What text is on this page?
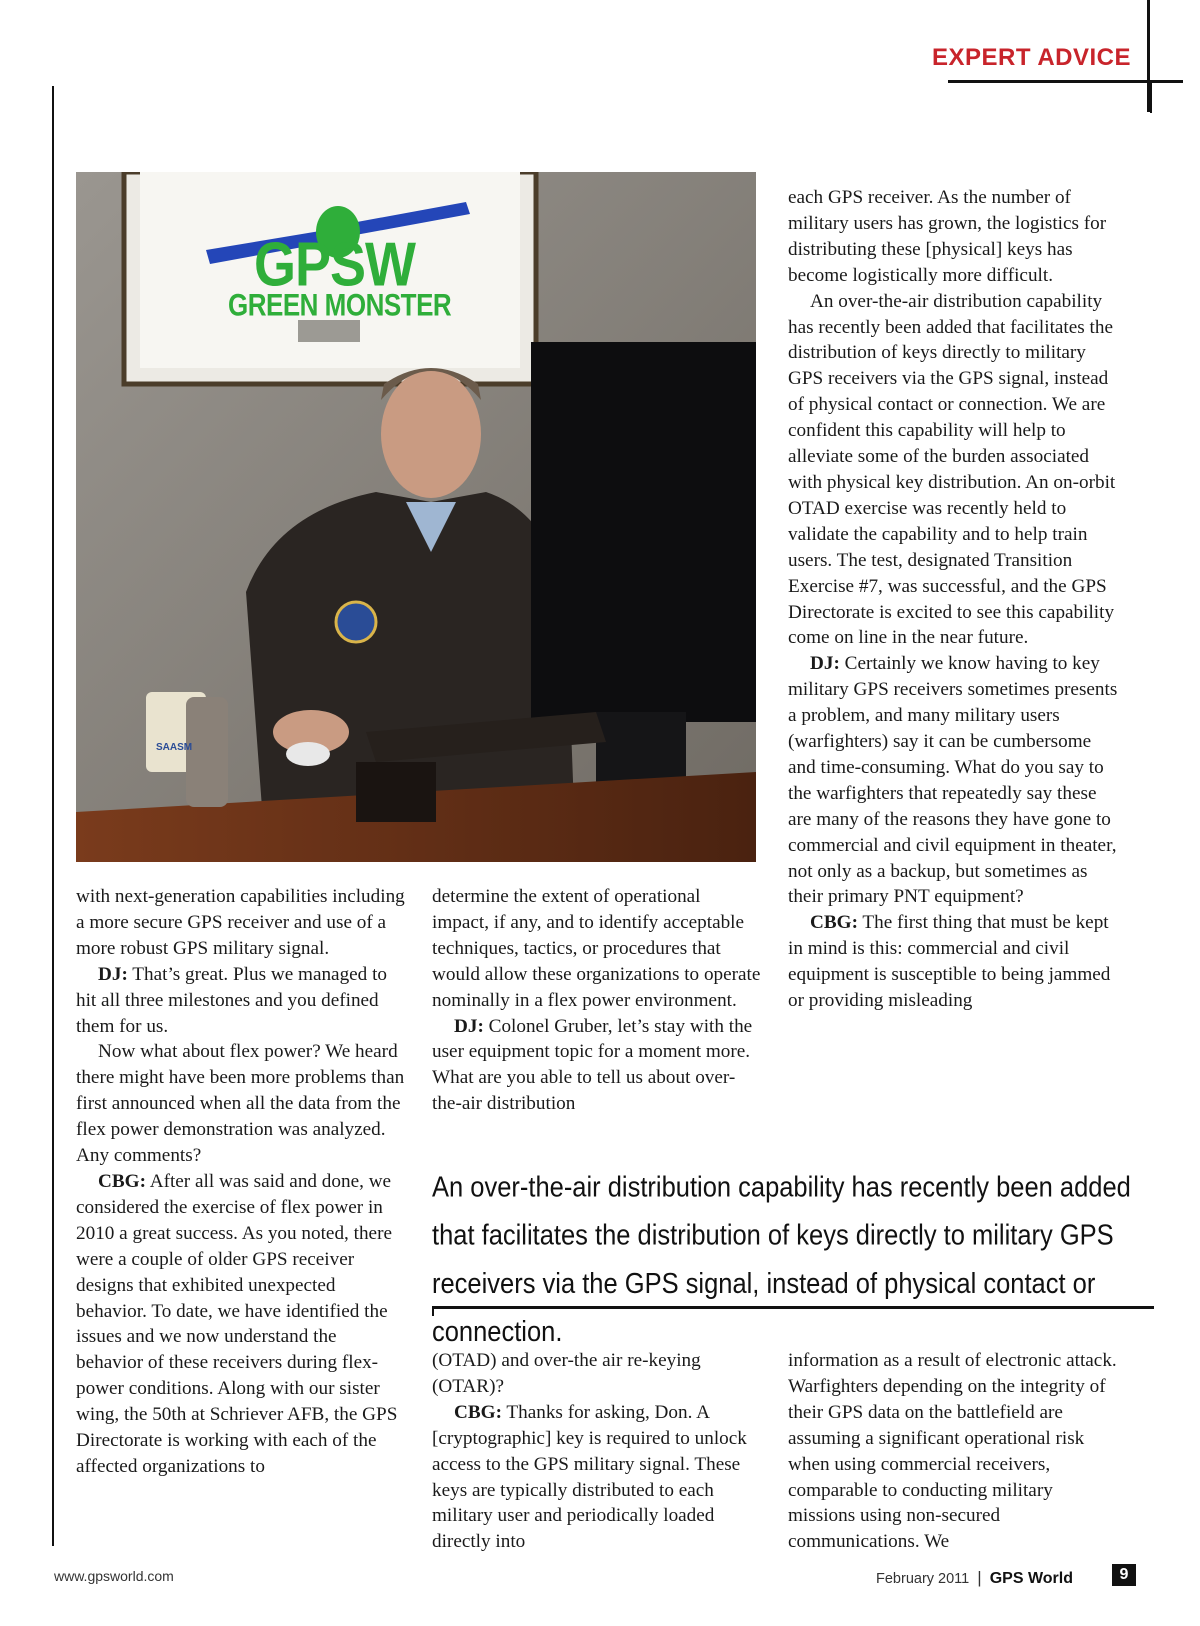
EXPERT ADVICE
GPSW
GREEN MONSTER
SAASM

with next-generation capabilities including a more secure GPS receiver and use of a more robust GPS military signal.

DJ: That’s great. Plus we managed to hit all three milestones and you defined them for us.

Now what about flex power? We heard there might have been more problems than first announced when all the data from the flex power demonstration was analyzed. Any comments?

CBG: After all was said and done, we considered the exercise of flex power in 2010 a great success. As you noted, there were a couple of older GPS receiver designs that exhibited unexpected behavior. To date, we have identified the issues and we now understand the behavior of these receivers during flex-power conditions. Along with our sister wing, the 50th at Schriever AFB, the GPS Directorate is working with each of the affected organizations to

determine the extent of operational impact, if any, and to identify acceptable techniques, tactics, or procedures that would allow these organizations to operate nominally in a flex power environment.

DJ: Colonel Gruber, let’s stay with the user equipment topic for a moment more. What are you able to tell us about over-the-air distribution

(OTAD) and over-the air re-keying (OTAR)?

CBG: Thanks for asking, Don. A [cryptographic] key is required to unlock access to the GPS military signal. These keys are typically distributed to each military user and periodically loaded directly into

each GPS receiver. As the number of military users has grown, the logistics for distributing these [physical] keys has become logistically more difficult.

An over-the-air distribution capability has recently been added that facilitates the distribution of keys directly to military GPS receivers via the GPS signal, instead of physical contact or connection. We are confident this capability will help to alleviate some of the burden associated with physical key distribution. An on-orbit OTAD exercise was recently held to validate the capability and to help train users. The test, designated Transition Exercise #7, was successful, and the GPS Directorate is excited to see this capability come on line in the near future.

DJ: Certainly we know having to key military GPS receivers sometimes presents a problem, and many military users (warfighters) say it can be cumbersome and time-consuming. What do you say to the warfighters that repeatedly say these are many of the reasons they have gone to commercial and civil equipment in theater, not only as a backup, but sometimes as their primary PNT equipment?

CBG: The first thing that must be kept in mind is this: commercial and civil equipment is susceptible to being jammed or providing misleading

information as a result of electronic attack. Warfighters depending on the integrity of their GPS data on the battlefield are assuming a significant operational risk when using commercial receivers, comparable to conducting military missions using non-secured communications. We

An over-the-air distribution capability has recently been added that facilitates the distribution of keys directly to military GPS receivers via the GPS signal, instead of physical contact or connection.
www.gpsworld.com	February 2011 | GPS World	9
